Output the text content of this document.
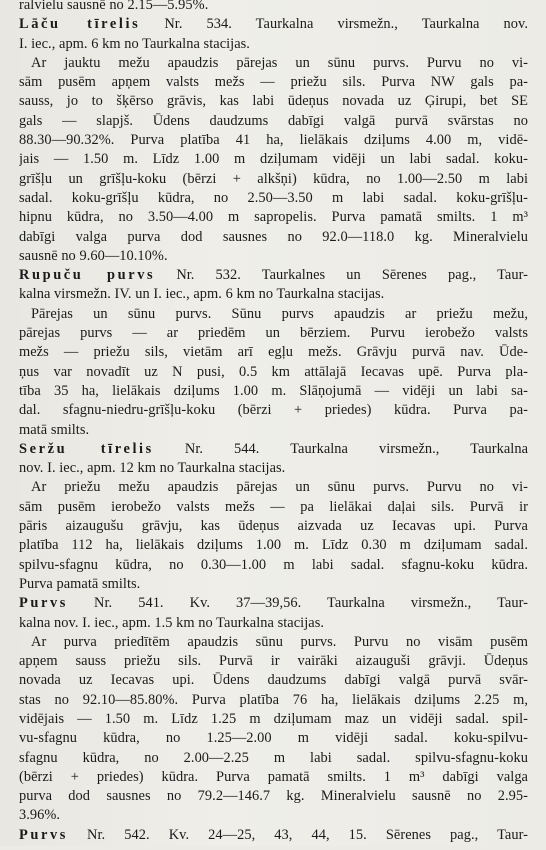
ralvielu sausnē no 2.15—5.95%.
Lāču tīrelis Nr. 534. Taurkalna virsmežn., Taurkalna nov.
I. iec., apm. 6 km no Taurkalna stacijas.
Ar jauktu mežu apaudzis pārejas un sūnu purvs. Purvu no vi-
sām pusēm apņem valsts mežs — priežu sils. Purva NW gals pa-
sauss, jo to šķērso grāvis, kas labi ūdeņus novada uz Ģirupi, bet SE
gals — slapjš. Ūdens daudzums dabīgi valgā purvā svārstas no
88.30—90.32%. Purva platība 41 ha, lielākais dziļums 4.00 m, vidē-
jais — 1.50 m. Līdz 1.00 m dziļumam vidēji un labi sadal. koku-
grīšļu un grīšļu-koku (bērzi + alkšņi) kūdra, no 1.00—2.50 m labi
sadal. koku-grīšļu kūdra, no 2.50—3.50 m labi sadal. koku-grīšļu-
hipnu kūdra, no 3.50—4.00 m sapropelis. Purva pamatā smilts. 1 m³
dabīgi valga purva dod sausnes no 92.0—118.0 kg. Mineralvielu
sausnē no 9.60—10.10%.
Rupuču purvs Nr. 532. Taurkalnes un Sērenes pag., Taur-
kalna virsmežn. IV. un I. iec., apm. 6 km no Taurkalna stacijas.
Pārejas un sūnu purvs. Sūnu purvs apaudzis ar priežu mežu,
pārejas purvs — ar priedēm un bērziem. Purvu ierobežo valsts
mežs — priežu sils, vietām arī egļu mežs. Grāvju purvā nav. Ūde-
ņus var novadīt uz N pusi, 0.5 km attālajā Iecavas upē. Purva pla-
tība 35 ha, lielākais dziļums 1.00 m. Slāņojumā — vidēji un labi sa-
dal. sfagnu-niedru-grīšļu-koku (bērzi + priedes) kūdra. Purva pa-
matā smilts.
Seržu tīrelis Nr. 544. Taurkalna virsmežn., Taurkalna
nov. I. iec., apm. 12 km no Taurkalna stacijas.
Ar priežu mežu apaudzis pārejas un sūnu purvs. Purvu no vi-
sām pusēm ierobežo valsts mežs — pa lielākai daļai sils. Purvā ir
pāris aizaugušu grāvju, kas ūdeņus aizvada uz Iecavas upi. Purva
platība 112 ha, lielākais dziļums 1.00 m. Līdz 0.30 m dziļumam sadal.
spilvu-sfagnu kūdra, no 0.30—1.00 m labi sadal. sfagnu-koku kūdra.
Purva pamatā smilts.
Purvs Nr. 541. Kv. 37—39,56. Taurkalna virsmežn., Taur-
kalna nov. I. iec., apm. 1.5 km no Taurkalna stacijas.
Ar purva priedītēm apaudzis sūnu purvs. Purvu no visām pusēm
apņem sauss priežu sils. Purvā ir vairāki aizauguši grāvji. Ūdeņus
novada uz Iecavas upi. Ūdens daudzums dabīgi valgā purvā svār-
stas no 92.10—85.80%. Purva platība 76 ha, lielākais dziļums 2.25 m,
vidējais — 1.50 m. Līdz 1.25 m dziļumam maz un vidēji sadal. spil-
vu-sfagnu kūdra, no 1.25—2.00 m vidēji sadal. koku-spilvu-
sfagnu kūdra, no 2.00—2.25 m labi sadal. spilvu-sfagnu-koku
(bērzi + priedes) kūdra. Purva pamatā smilts. 1 m³ dabīgi valga
purva dod sausnes no 79.2—146.7 kg. Mineralvielu sausnē no 2.95-
3.96%.
Purvs Nr. 542. Kv. 24—25, 43, 44, 15. Sērenes pag., Taur-
